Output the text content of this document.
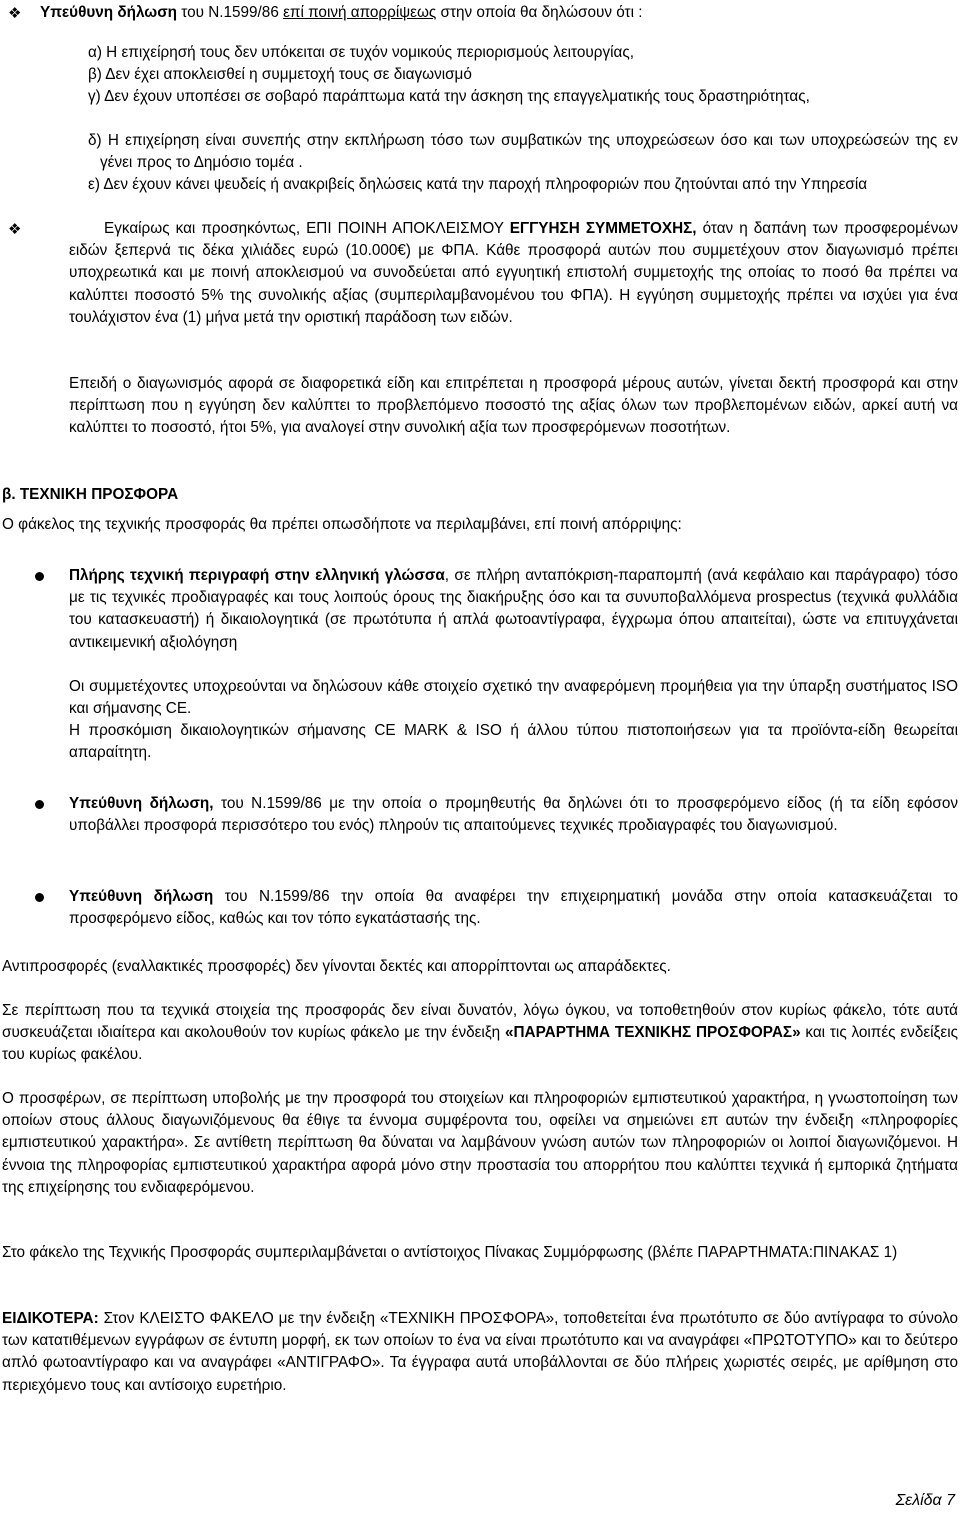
❖ Υπεύθυνη δήλωση του Ν.1599/86 επί ποινή απορρίψεως στην οποία θα δηλώσουν ότι :
α) Η επιχείρησή τους δεν υπόκειται σε τυχόν νομικούς περιορισμούς λειτουργίας,
β) Δεν έχει αποκλεισθεί η συμμετοχή τους σε διαγωνισμό
γ) Δεν έχουν υποπέσει σε σοβαρό παράπτωμα κατά την άσκηση της επαγγελματικής τους δραστηριότητας,
δ) Η επιχείρηση είναι συνεπής στην εκπλήρωση τόσο των συμβατικών της υποχρεώσεων όσο και των υποχρεώσεών της εν γένει προς το Δημόσιο τομέα .
ε) Δεν έχουν κάνει ψευδείς ή ανακριβείς δηλώσεις κατά την παροχή πληροφοριών που ζητούνται από την Υπηρεσία
❖	Εγκαίρως και προσηκόντως, ΕΠΙ ΠΟΙΝΗ ΑΠΟΚΛΕΙΣΜΟΥ ΕΓΓΥΗΣΗ ΣΥΜΜΕΤΟΧΗΣ, όταν η δαπάνη των προσφερομένων ειδών ξεπερνά τις δέκα χιλιάδες ευρώ (10.000€) με ΦΠΑ. Κάθε προσφορά αυτών που συμμετέχουν στον διαγωνισμό πρέπει υποχρεωτικά και με ποινή αποκλεισμού να συνοδεύεται από εγγυητική επιστολή συμμετοχής της οποίας το ποσό θα πρέπει να καλύπτει ποσοστό 5% της συνολικής αξίας (συμπεριλαμβανομένου του ΦΠΑ). Η εγγύηση συμμετοχής πρέπει να ισχύει για ένα τουλάχιστον ένα (1) μήνα μετά την οριστική παράδοση των ειδών.
Επειδή ο διαγωνισμός αφορά σε διαφορετικά είδη και επιτρέπεται η προσφορά μέρους αυτών, γίνεται δεκτή προσφορά και στην περίπτωση που η εγγύηση δεν καλύπτει το προβλεπόμενο ποσοστό της αξίας όλων των προβλεπομένων ειδών, αρκεί αυτή να καλύπτει το ποσοστό, ήτοι 5%, για αναλογεί στην συνολική αξία των προσφερόμενων ποσοτήτων.
β. ΤΕΧΝΙΚΗ ΠΡΟΣΦΟΡΑ
Ο φάκελος της τεχνικής προσφοράς θα πρέπει οπωσδήποτε να περιλαμβάνει, επί ποινή απόρριψης:
Πλήρης τεχνική περιγραφή στην ελληνική γλώσσα, σε πλήρη ανταπόκριση-παραπομπή (ανά κεφάλαιο και παράγραφο) τόσο με τις τεχνικές προδιαγραφές και τους λοιπούς όρους της διακήρυξης όσο και τα συνυποβαλλόμενα prospectus (τεχνικά φυλλάδια του κατασκευαστή) ή δικαιολογητικά (σε πρωτότυπα ή απλά φωτοαντίγραφα, έγχρωμα όπου απαιτείται), ώστε να επιτυγχάνεται αντικειμενική αξιολόγηση
Οι συμμετέχοντες υποχρεούνται να δηλώσουν κάθε στοιχείο σχετικό την αναφερόμενη προμήθεια για την ύπαρξη συστήματος ISO και σήμανσης CE.
Η προσκόμιση δικαιολογητικών σήμανσης CE MARK & ISO ή άλλου τύπου πιστοποιήσεων για τα προϊόντα-είδη θεωρείται απαραίτητη.
Υπεύθυνη δήλωση, του Ν.1599/86 με την οποία ο προμηθευτής θα δηλώνει ότι το προσφερόμενο είδος (ή τα είδη εφόσον υποβάλλει προσφορά περισσότερο του ενός) πληρούν τις απαιτούμενες τεχνικές προδιαγραφές του διαγωνισμού.
Υπεύθυνη δήλωση του Ν.1599/86 την οποία θα αναφέρει την επιχειρηματική μονάδα στην οποία κατασκευάζεται το προσφερόμενο είδος, καθώς και τον τόπο εγκατάστασής της.
Αντιπροσφορές (εναλλακτικές προσφορές) δεν γίνονται δεκτές και απορρίπτονται ως απαράδεκτες.
Σε περίπτωση που τα τεχνικά στοιχεία της προσφοράς δεν είναι δυνατόν, λόγω όγκου, να τοποθετηθούν στον κυρίως φάκελο, τότε αυτά συσκευάζεται ιδιαίτερα και ακολουθούν τον κυρίως φάκελο με την ένδειξη «ΠΑΡΑΡΤΗΜΑ ΤΕΧΝΙΚΗΣ ΠΡΟΣΦΟΡΑΣ» και τις λοιπές ενδείξεις του κυρίως φακέλου.
Ο προσφέρων, σε περίπτωση υποβολής με την προσφορά του στοιχείων και πληροφοριών εμπιστευτικού χαρακτήρα, η γνωστοποίηση των οποίων στους άλλους διαγωνιζόμενους θα έθιγε τα έννομα συμφέροντα του, οφείλει να σημειώνει επ αυτών την ένδειξη «πληροφορίες εμπιστευτικού χαρακτήρα». Σε αντίθετη περίπτωση θα δύναται να λαμβάνουν γνώση αυτών των πληροφοριών οι λοιποί διαγωνιζόμενοι. Η έννοια της πληροφορίας εμπιστευτικού χαρακτήρα αφορά μόνο στην προστασία του απορρήτου που καλύπτει τεχνικά ή εμπορικά ζητήματα της επιχείρησης του ενδιαφερόμενου.
Στο φάκελο της Τεχνικής Προσφοράς συμπεριλαμβάνεται ο αντίστοιχος Πίνακας Συμμόρφωσης (βλέπε ΠΑΡΑΡΤΗΜΑΤΑ:ΠΙΝΑΚΑΣ 1)
ΕΙΔΙΚΟΤΕΡΑ: Στον ΚΛΕΙΣΤΟ ΦΑΚΕΛΟ με την ένδειξη «ΤΕΧΝΙΚΗ ΠΡΟΣΦΟΡΑ», τοποθετείται ένα πρωτότυπο σε δύο αντίγραφα το σύνολο των κατατιθέμενων εγγράφων σε έντυπη μορφή, εκ των οποίων το ένα να είναι πρωτότυπο και να αναγράφει «ΠΡΩΤΟΤΥΠΟ» και το δεύτερο απλό φωτοαντίγραφο και να αναγράφει «ΑΝΤΙΓΡΑΦΟ». Τα έγγραφα αυτά υποβάλλονται σε δύο πλήρεις χωριστές σειρές, με αρίθμηση στο περιεχόμενο τους και αντίσοιχο ευρετήριο.
Σελίδα 7
